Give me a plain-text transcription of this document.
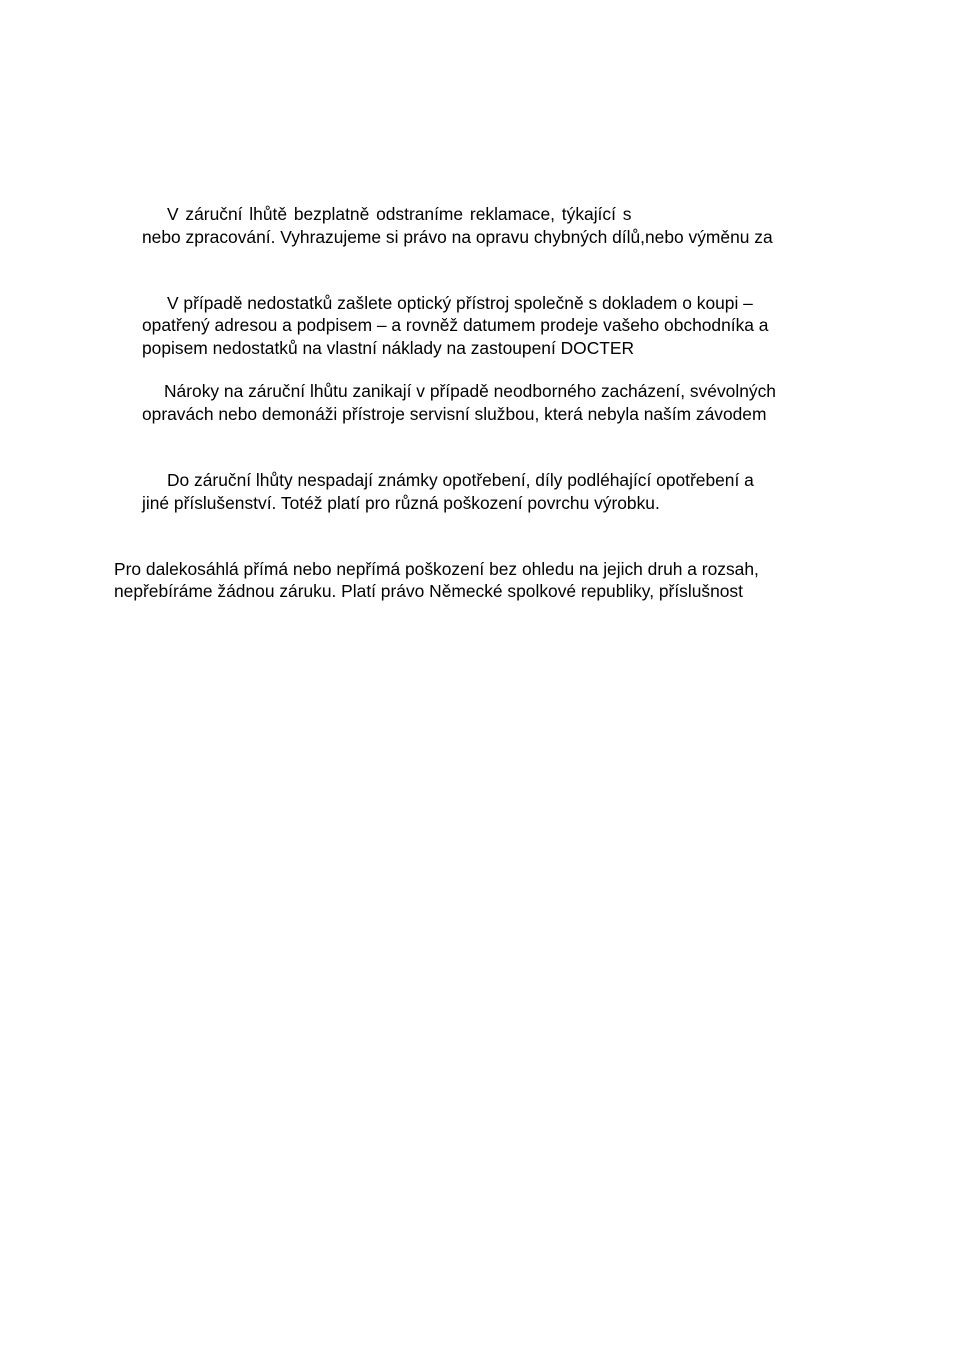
V záruční lhůtě bezplatně odstraníme reklamace, týkající s

nebo zpracování. Vyhrazujeme si právo na opravu chybných dílů,nebo výměnu za

V případě nedostatků zašlete optický přístroj společně s dokladem o koupi –

opatřený adresou a podpisem – a rovněž datumem prodeje vašeho obchodníka a

popisem nedostatků na vlastní náklady na zastoupení DOCTER

Nároky na záruční lhůtu zanikají v případě neodborného zacházení, svévolných

opravách nebo demonáži přístroje servisní službou, která nebyla naším závodem

Do záruční lhůty nespadají známky opotřebení, díly podléhající opotřebení a

jiné příslušenství. Totéž platí pro různá poškození povrchu výrobku.

Pro dalekosáhlá přímá nebo nepřímá poškození bez ohledu na jejich druh a rozsah,

nepřebíráme žádnou záruku. Platí právo Německé spolkové republiky, příslušnost
